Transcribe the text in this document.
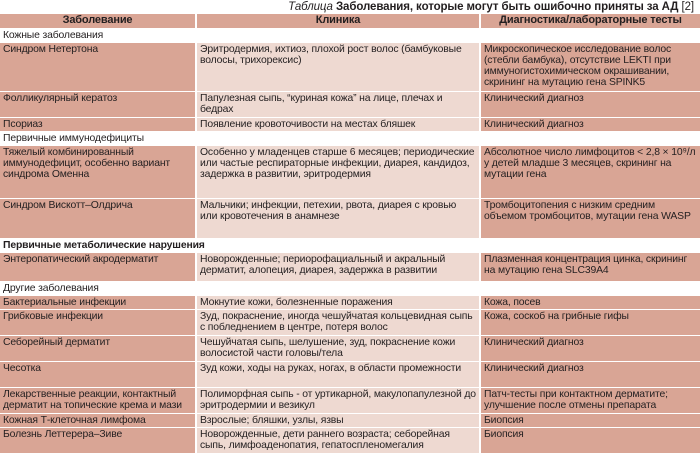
Таблица Заболевания, которые могут быть ошибочно приняты за АД [2]
Заболевание	Клиника	Диагностика/лабораторные тесты
Кожные заболевания		
Синдром Нетертона	Эритродермия, ихтиоз, плохой рост волос (бамбуковые волосы, трихорексис)	Микроскопическое исследование волос (стебли бамбука), отсутствие LEKTI при иммуногистохимическом окрашивании, скрининг на мутацию гена SPINK5
Фолликулярный кератоз	Папулезная сыпь, “куриная кожа” на лице, плечах и бедрах	Клинический диагноз
Псориаз	Появление кровоточивости на местах бляшек	Клинический диагноз
Первичные иммунодефициты		
Тяжелый комбинированный иммунодефицит, особенно вариант синдрома Оменна	Особенно у младенцев старше 6 месяцев; периодические или частые респираторные инфекции, диарея, кандидоз, задержка в развитии, эритродермия	Абсолютное число лимфоцитов < 2,8 × 10⁹/л у детей младше 3 месяцев, скрининг на мутации гена
Синдром Вискотт–Олдрича	Мальчики; инфекции, петехии, рвота, диарея с кровью или кровотечения в анамнезе	Тромбоцитопения с низким средним объемом тромбоцитов, мутации гена WASP
Первичные метаболические нарушения		
Энтеропатический акродерматит	Новорожденные; периорофациальный и акральный дерматит, алопеция, диарея, задержка в развитии	Плазменная концентрация цинка, скрининг на мутацию гена SLC39A4
Другие заболевания		
Бактериальные инфекции	Мокнутие кожи, болезненные поражения	Кожа, посев
Грибковые инфекции	Зуд, покраснение, иногда чешуйчатая кольцевидная сыпь с побледнением в центре, потеря волос	Кожа, соскоб на грибные гифы
Себорейный дерматит	Чешуйчатая сыпь, шелушение, зуд, покраснение кожи волосистой части головы/тела	Клинический диагноз
Чесотка	Зуд кожи, ходы на руках, ногах, в области промежности	Клинический диагноз
Лекарственные реакции, контактный дерматит на топические крема и мази	Полиморфная сыпь - от уртикарной, макулопапулезной до эритродермии и везикул	Патч-тесты при контактном дерматите; улучшение после отмены препарата
Кожная Т-клеточная лимфома	Взрослые; бляшки, узлы, язвы	Биопсия
Болезнь Леттерера–Зиве	Новорожденные, дети раннего возраста; себорейная сыпь, лимфоаденопатия, гепатоспленомегалия	Биопсия
